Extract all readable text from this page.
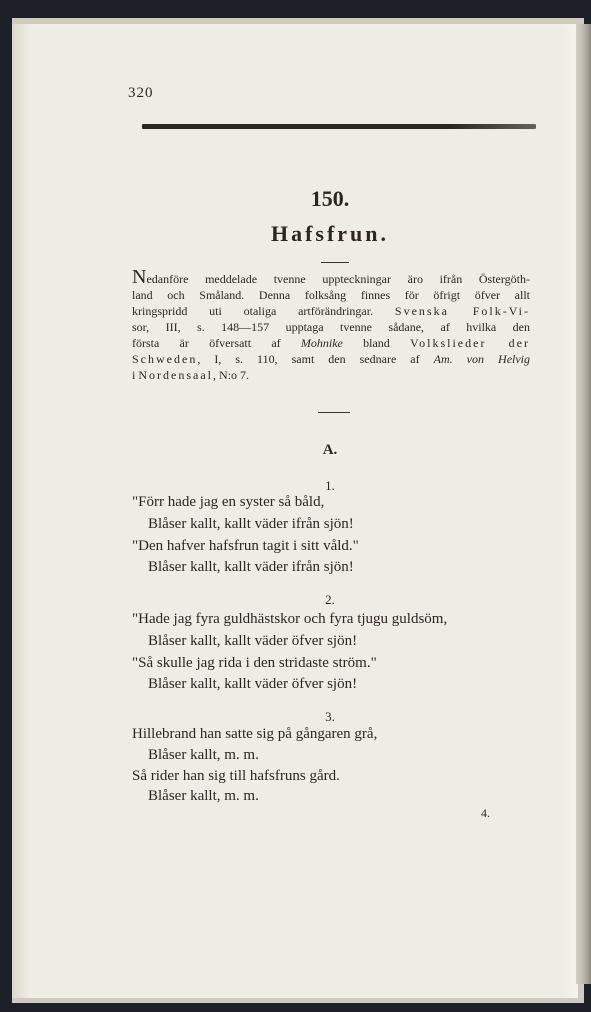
320
150.
Hafsfrun.
Nedanföre meddelade tvenne uppteckningar äro ifrån Östergöth-
land och Småland. Denna folksång finnes för öfrigt öfver allt
kringspridd uti otaliga artförändringar. Svenska Folk-Vi-
sor, III, s. 148—157 upptaga tvenne sådane, af hvilka den
första är öfversatt af Mohnike bland Volkslieder der
Schweden, I, s. 110, samt den sednare af Am. von Helvig
i Nordensaal, N:o 7.
A.
1.
"Förr hade jag en syster så båld,
Blåser kallt, kallt väder ifrån sjön!
"Den hafver hafsfrun tagit i sitt våld."
Blåser kallt, kallt väder ifrån sjön!
2.
"Hade jag fyra guldhästskor och fyra tjugu guldsöm,
Blåser kallt, kallt väder öfver sjön!
"Så skulle jag rida i den stridaste ström."
Blåser kallt, kallt väder öfver sjön!
3.
Hillebrand han satte sig på gångaren grå,
Blåser kallt, m. m.
Så rider han sig till hafsfruns gård.
Blåser kallt, m. m.
4.
